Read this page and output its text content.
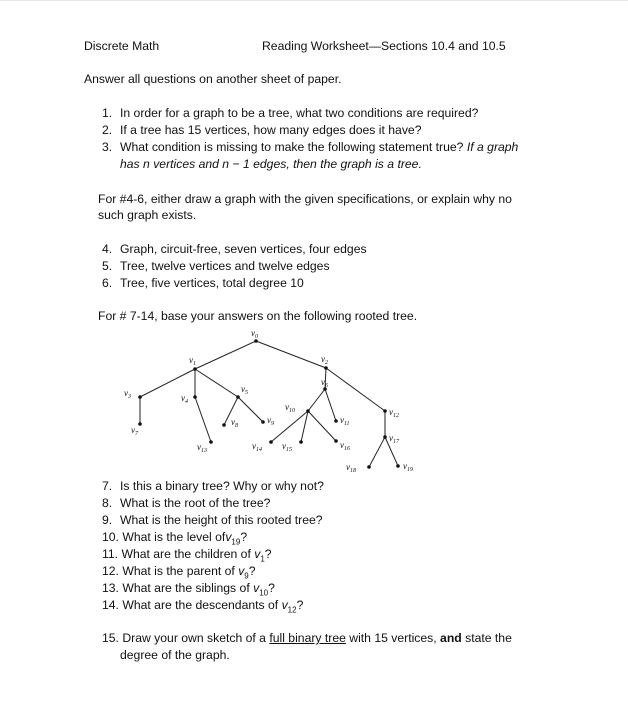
Discrete Math	Reading Worksheet—Sections 10.4 and 10.5
Answer all questions on another sheet of paper.
1. In order for a graph to be a tree, what two conditions are required?
2. If a tree has 15 vertices, how many edges does it have?
3. What condition is missing to make the following statement true? If a graph
has n vertices and n − 1 edges, then the graph is a tree.
For #4-6, either draw a graph with the given specifications, or explain why no
such graph exists.
4. Graph, circuit-free, seven vertices, four edges
5. Tree, twelve vertices and twelve edges
6. Tree, five vertices, total degree 10
For # 7-14, base your answers on the following rooted tree.
$v_0$
$v_1$	$v_2$
$v_3$	$v_4$
$v_5$
$v_6$
$v_7$
$v_8$
$v_9$
$v_{10}$
$v_{11}$
$v_{12}$
$v_{13}$	$v_{14}$ $v_{15}$	$v_{16}$
$v_{17}$
$v_{18}$	$v_{19}$
7. Is this a binary tree? Why or why not?
8. What is the root of the tree?
9. What is the height of this rooted tree?
10. What is the level ofv$_{19}$?
11. What are the children of $v_1$?
12. What is the parent of $v_9$?
13. What are the siblings of $v_{10}$?
14. What are the descendants of $v_{12}$?
15. Draw your own sketch of a full binary tree with 15 vertices, and state the
degree of the graph.
